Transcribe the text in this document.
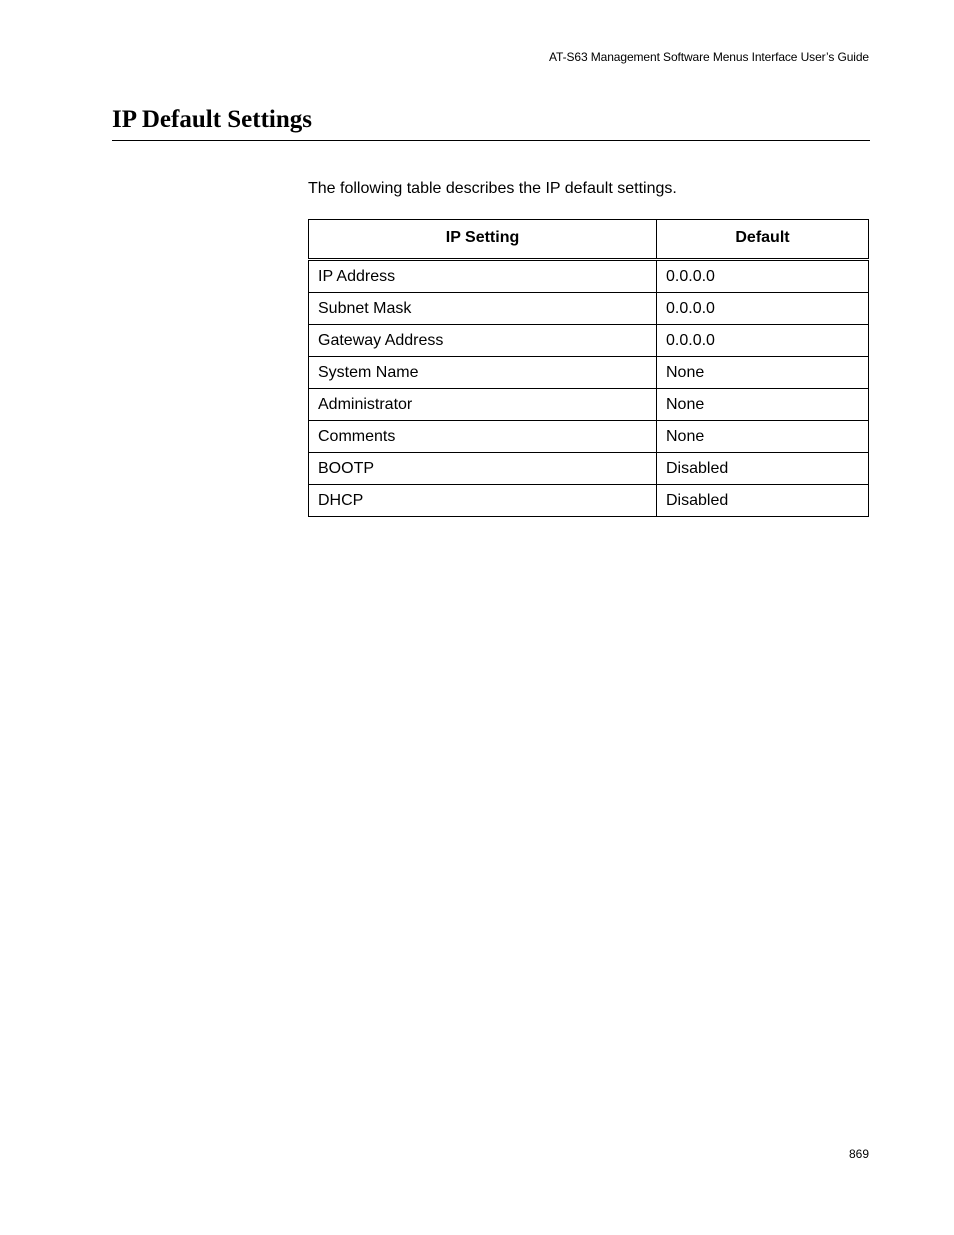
AT-S63 Management Software Menus Interface User’s Guide
IP Default Settings

The following table describes the IP default settings.

IP Setting	Default
IP Address	0.0.0.0
Subnet Mask	0.0.0.0
Gateway Address	0.0.0.0
System Name	None
Administrator	None
Comments	None
BOOTP	Disabled
DHCP	Disabled
869
